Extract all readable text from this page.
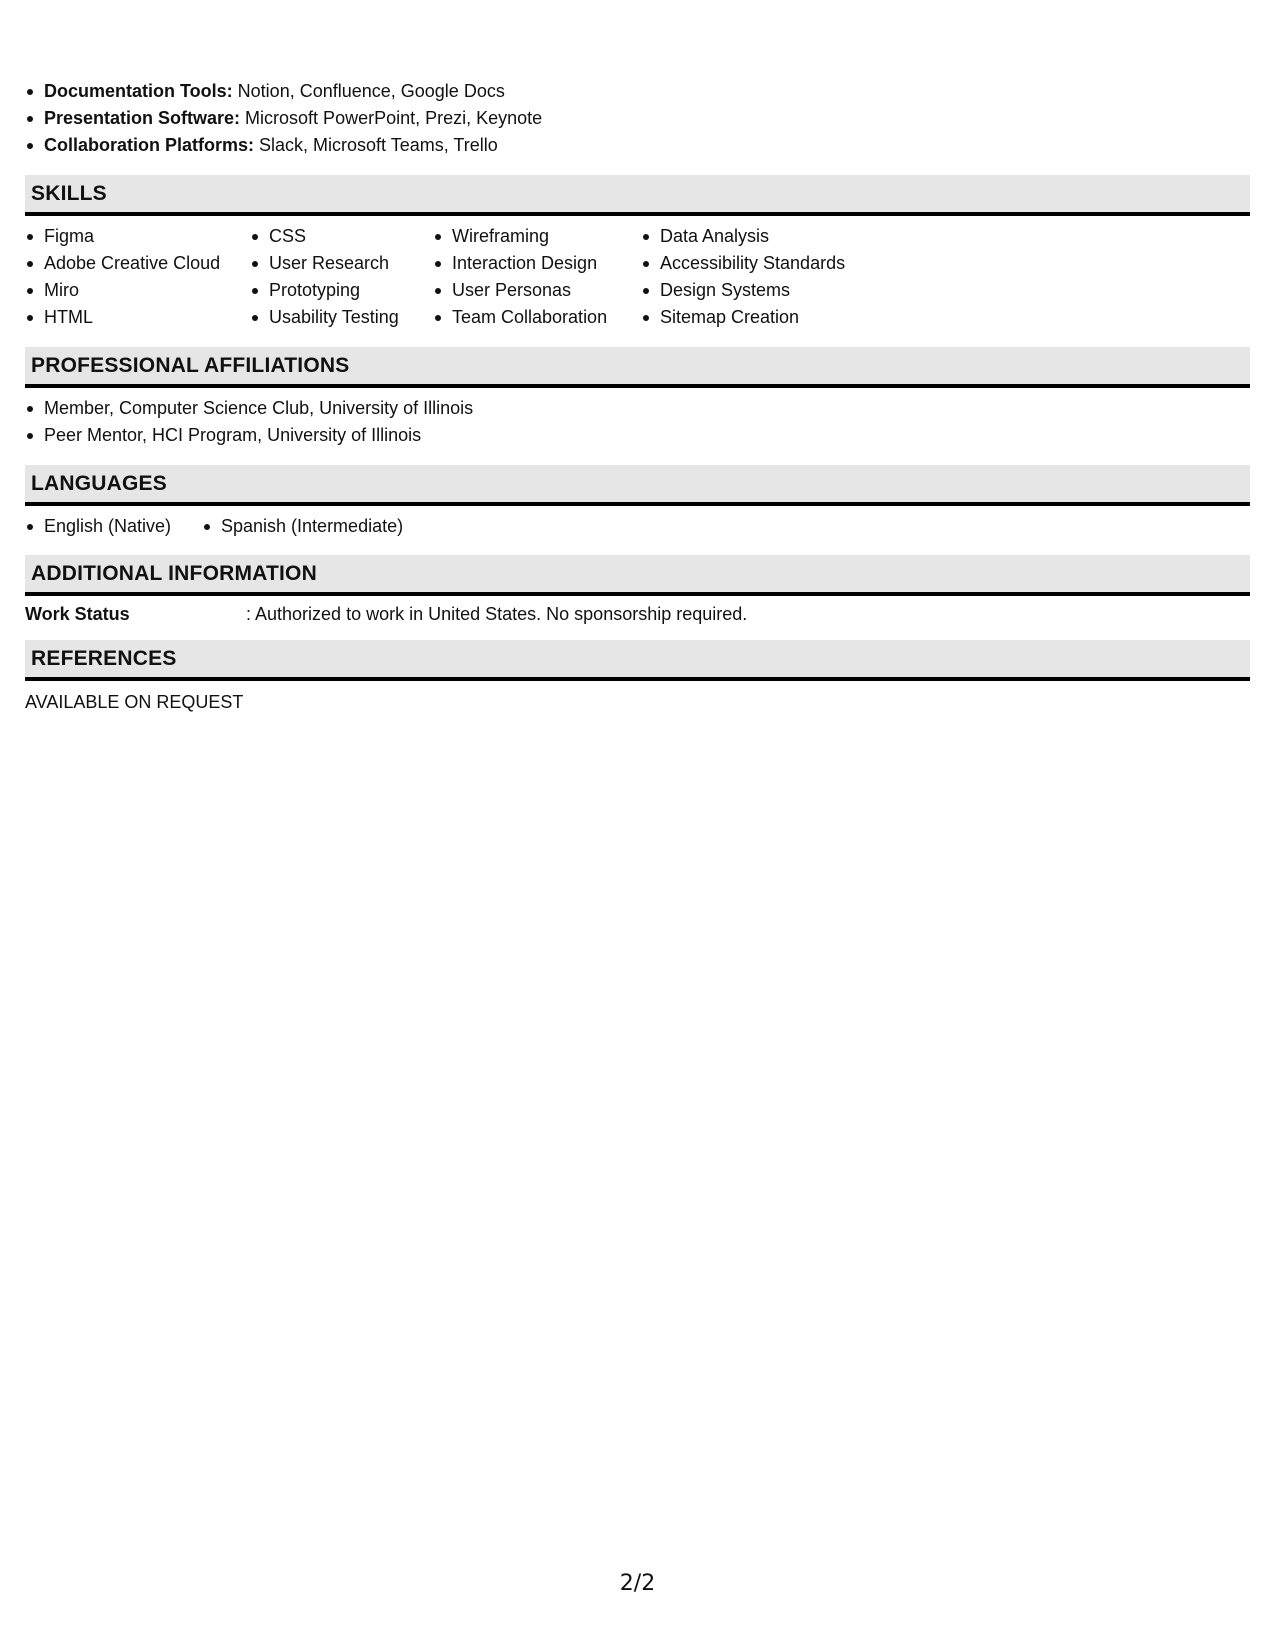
Documentation Tools: Notion, Confluence, Google Docs
Presentation Software: Microsoft PowerPoint, Prezi, Keynote
Collaboration Platforms: Slack, Microsoft Teams, Trello
SKILLS
Figma
Adobe Creative Cloud
Miro
HTML
CSS
User Research
Prototyping
Usability Testing
Wireframing
Interaction Design
User Personas
Team Collaboration
Data Analysis
Accessibility Standards
Design Systems
Sitemap Creation
PROFESSIONAL AFFILIATIONS
Member, Computer Science Club, University of Illinois
Peer Mentor, HCI Program, University of Illinois
LANGUAGES
English (Native)	Spanish (Intermediate)
ADDITIONAL INFORMATION
Work Status	: Authorized to work in United States. No sponsorship required.
REFERENCES
AVAILABLE ON REQUEST
2/2
